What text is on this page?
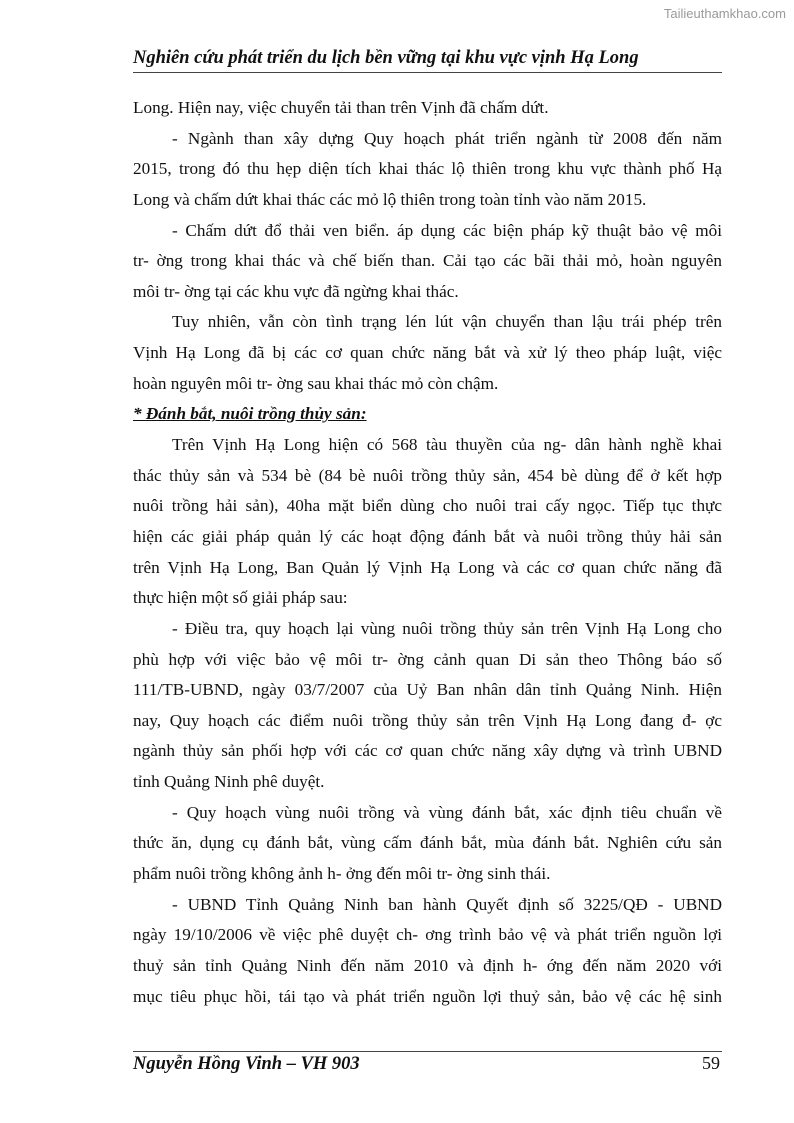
Tailieuthamkhao.com
Nghiên cứu phát triển du lịch bền vững tại khu vực vịnh Hạ Long
Long. Hiện nay, việc chuyển tải than trên Vịnh đã chấm dứt.
- Ngành than xây dựng Quy hoạch phát triển ngành từ 2008 đến năm
2015, trong đó thu hẹp diện tích khai thác lộ thiên trong khu vực thành phố Hạ
Long và chấm dứt khai thác các mỏ lộ thiên trong toàn tỉnh vào năm 2015.
- Chấm dứt đổ thải ven biển. áp dụng các biện pháp kỹ thuật bảo vệ môi
tr- ờng trong khai thác và chế biến than. Cải tạo các bãi thải mỏ, hoàn nguyên
môi tr- ờng tại các khu vực đã ngừng khai thác.
Tuy nhiên, vẫn còn tình trạng lén lút vận chuyển than lậu trái phép trên
Vịnh Hạ Long đã bị các cơ quan chức năng bắt và xử lý theo pháp luật, việc
hoàn nguyên môi tr- ờng sau khai thác mỏ còn chậm.
* Đánh bắt, nuôi trồng thủy sản:
Trên Vịnh Hạ Long hiện có 568 tàu thuyền của ng- dân hành nghề khai
thác thủy sản và 534 bè (84 bè nuôi trồng thủy sản, 454 bè dùng để ở kết hợp
nuôi trồng hải sản), 40ha mặt biển dùng cho nuôi trai cấy ngọc. Tiếp tục thực
hiện các giải pháp quản lý các hoạt động đánh bắt và nuôi trồng thủy hải sản
trên Vịnh Hạ Long, Ban Quản lý Vịnh Hạ Long và các cơ quan chức năng đã
thực hiện một số giải pháp sau:
- Điều tra, quy hoạch lại vùng nuôi trồng thủy sản trên Vịnh Hạ Long cho
phù hợp với việc bảo vệ môi tr- ờng cảnh quan Di sản theo Thông báo số
111/TB-UBND, ngày 03/7/2007 của Uỷ Ban nhân dân tỉnh Quảng Ninh. Hiện
nay, Quy hoạch các điểm nuôi trồng thủy sản trên Vịnh Hạ Long đang đ- ợc
ngành thủy sản phối hợp với các cơ quan chức năng xây dựng và trình UBND
tỉnh Quảng Ninh phê duyệt.
- Quy hoạch vùng nuôi trồng và vùng đánh bắt, xác định tiêu chuẩn về
thức ăn, dụng cụ đánh bắt, vùng cấm đánh bắt, mùa đánh bắt. Nghiên cứu sản
phẩm nuôi trồng không ảnh h- ởng đến môi tr- ờng sinh thái.
- UBND Tỉnh Quảng Ninh ban hành Quyết định số 3225/QĐ - UBND
ngày 19/10/2006 về việc phê duyệt ch- ơng trình bảo vệ và phát triển nguồn lợi
thuỷ sản tỉnh Quảng Ninh đến năm 2010 và định h- ớng đến năm 2020 với
mục tiêu phục hồi, tái tạo và phát triển nguồn lợi thuỷ sản, bảo vệ các hệ sinh
Nguyễn Hồng Vinh – VH 903	59
